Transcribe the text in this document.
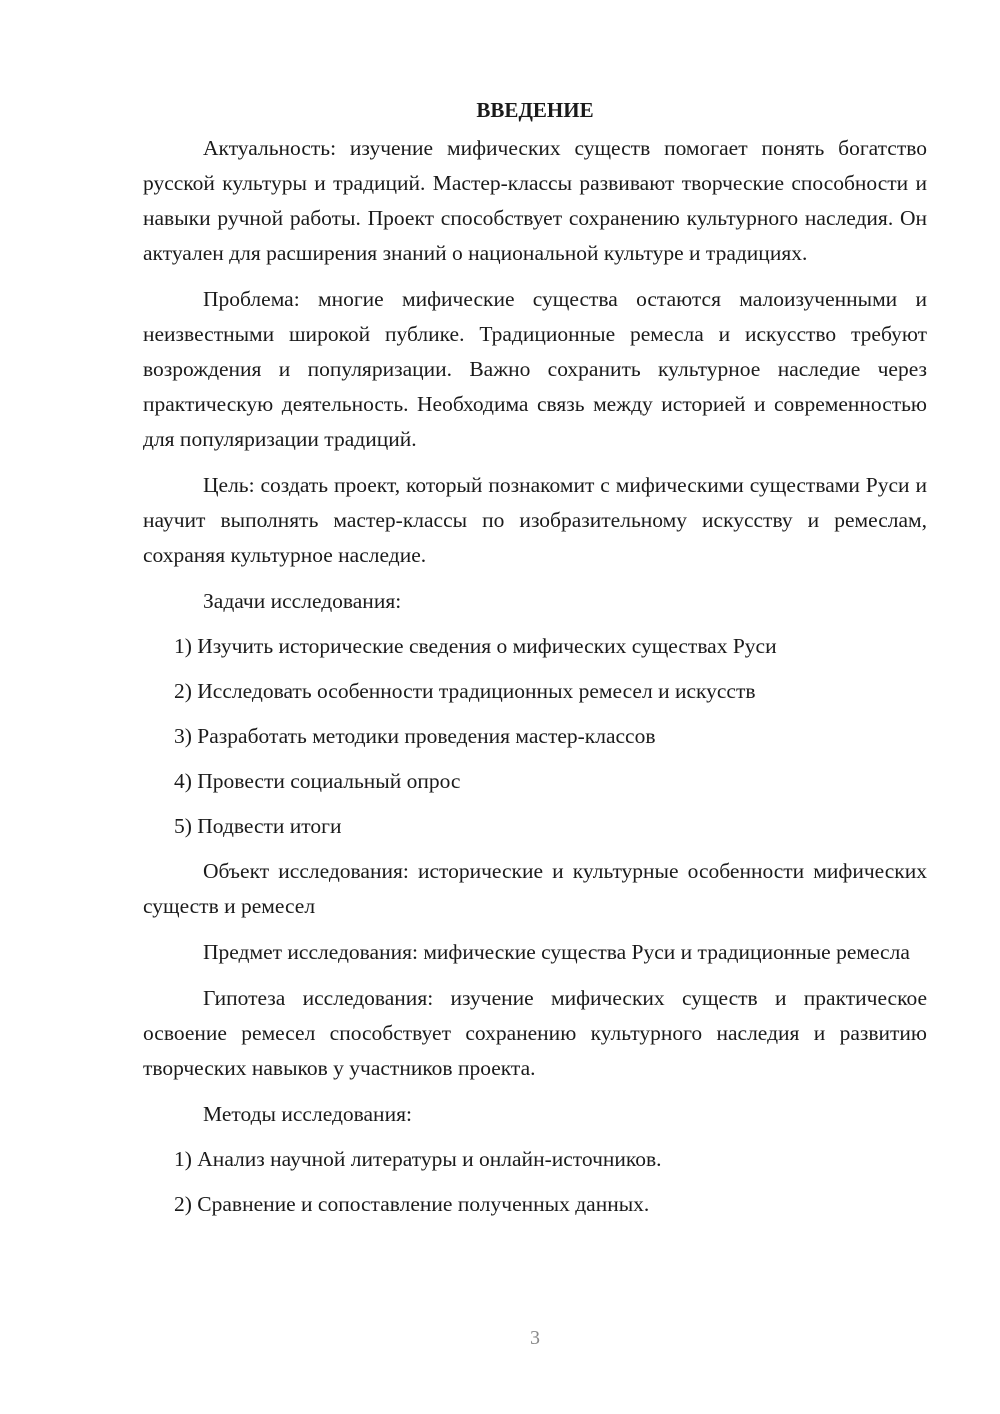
ВВЕДЕНИЕ

Актуальность: изучение мифических существ помогает понять богатство русской культуры и традиций. Мастер-классы развивают творческие способности и навыки ручной работы. Проект способствует сохранению культурного наследия. Он актуален для расширения знаний о национальной культуре и традициях.

Проблема: многие мифические существа остаются малоизученными и неизвестными широкой публике. Традиционные ремесла и искусство требуют возрождения и популяризации. Важно сохранить культурное наследие через практическую деятельность. Необходима связь между историей и современностью для популяризации традиций.

Цель: создать проект, который познакомит с мифическими существами Руси и научит выполнять мастер-классы по изобразительному искусству и ремеслам, сохраняя культурное наследие.

Задачи исследования:
1) Изучить исторические сведения о мифических существах Руси
2) Исследовать особенности традиционных ремесел и искусств
3) Разработать методики проведения мастер-классов
4) Провести социальный опрос
5) Подвести итоги

Объект исследования: исторические и культурные особенности мифических существ и ремесел

Предмет исследования: мифические существа Руси и традиционные ремесла

Гипотеза исследования: изучение мифических существ и практическое освоение ремесел способствует сохранению культурного наследия и развитию творческих навыков у участников проекта.

Методы исследования:
1) Анализ научной литературы и онлайн-источников.
2) Сравнение и сопоставление полученных данных.
3
